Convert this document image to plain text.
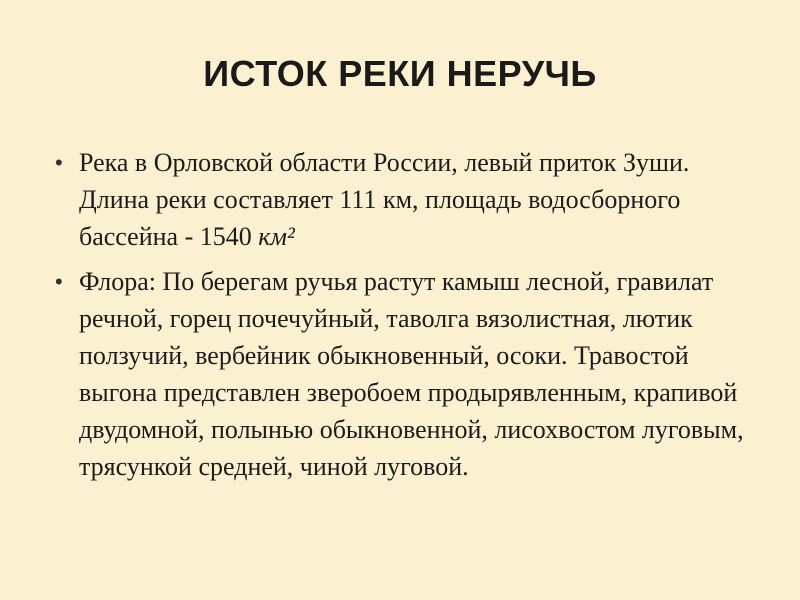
ИСТОК РЕКИ НЕРУЧЬ
• Река в Орловской области России, левый приток Зуши. Длина реки составляет 111 км, площадь водосборного бассейна - 1540 км²
• Флора: По берегам ручья растут камыш лесной, гравилат речной, горец почечуйный, таволга вязолистная, лютик ползучий, вербейник обыкновенный, осоки. Травостой выгона представлен зверобоем продырявленным, крапивой двудомной, полынью обыкновенной, лисохвостом луговым, трясункой средней, чиной луговой.
